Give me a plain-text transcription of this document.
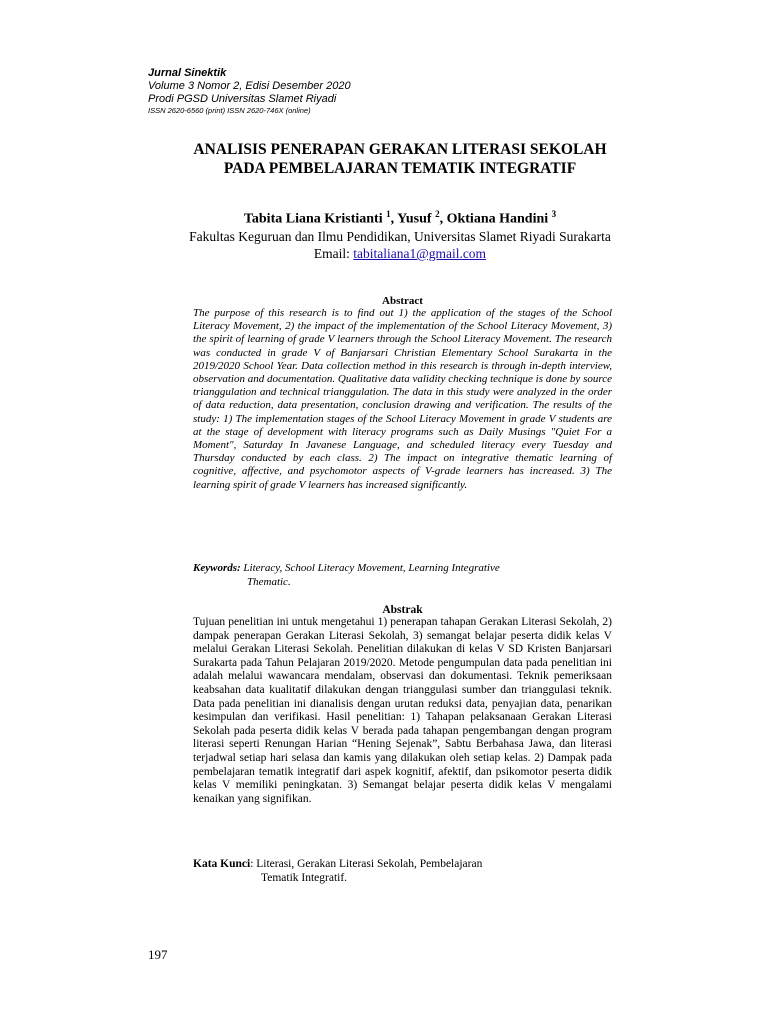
Jurnal Sinektik
Volume 3 Nomor 2, Edisi Desember 2020
Prodi PGSD Universitas Slamet Riyadi
ISSN 2620-6560 (print) ISSN 2620-746X (online)
ANALISIS PENERAPAN GERAKAN LITERASI SEKOLAH
PADA PEMBELAJARAN TEMATIK INTEGRATIF
Tabita Liana Kristianti $^1$, Yusuf $^2$, Oktiana Handini $^3$
Fakultas Keguruan dan Ilmu Pendidikan, Universitas Slamet Riyadi Surakarta
Email: tabitaliana1@gmail.com
Abstract
The purpose of this research is to find out 1) the application of the stages of the School Literacy Movement, 2) the impact of the implementation of the School Literacy Movement, 3) the spirit of learning of grade V learners through the School Literacy Movement. The research was conducted in grade V of Banjarsari Christian Elementary School Surakarta in the 2019/2020 School Year. Data collection method in this research is through in-depth interview, observation and documentation. Qualitative data validity checking technique is done by source trianggulation and technical trianggulation. The data in this study were analyzed in the order of data reduction, data presentation, conclusion drawing and verification. The results of the study: 1) The implementation stages of the School Literacy Movement in grade V students are at the stage of development with literacy programs such as Daily Musings "Quiet For a Moment", Saturday In Javanese Language, and scheduled literacy every Tuesday and Thursday conducted by each class. 2) The impact on integrative thematic learning of cognitive, affective, and psychomotor aspects of V-grade learners has increased. 3) The learning spirit of grade V learners has increased significantly.
Keywords: Literacy, School Literacy Movement, Learning Integrative
Thematic.
Abstrak
Tujuan penelitian ini untuk mengetahui 1) penerapan tahapan Gerakan Literasi Sekolah, 2) dampak penerapan Gerakan Literasi Sekolah, 3) semangat belajar peserta didik kelas V melalui Gerakan Literasi Sekolah. Penelitian dilakukan di kelas V SD Kristen Banjarsari Surakarta pada Tahun Pelajaran 2019/2020. Metode pengumpulan data pada penelitian ini adalah melalui wawancara mendalam, observasi dan dokumentasi. Teknik pemeriksaan keabsahan data kualitatif dilakukan dengan trianggulasi sumber dan trianggulasi teknik. Data pada penelitian ini dianalisis dengan urutan reduksi data, penyajian data, penarikan kesimpulan dan verifikasi. Hasil penelitian: 1) Tahapan pelaksanaan Gerakan Literasi Sekolah pada peserta didik kelas V berada pada tahapan pengembangan dengan program literasi seperti Renungan Harian “Hening Sejenak”, Sabtu Berbahasa Jawa, dan literasi terjadwal setiap hari selasa dan kamis yang dilakukan oleh setiap kelas. 2) Dampak pada pembelajaran tematik integratif dari aspek kognitif, afektif, dan psikomotor peserta didik kelas V memiliki peningkatan. 3) Semangat belajar peserta didik kelas V mengalami kenaikan yang signifikan.
Kata Kunci: Literasi, Gerakan Literasi Sekolah, Pembelajaran
Tematik Integratif.
197
